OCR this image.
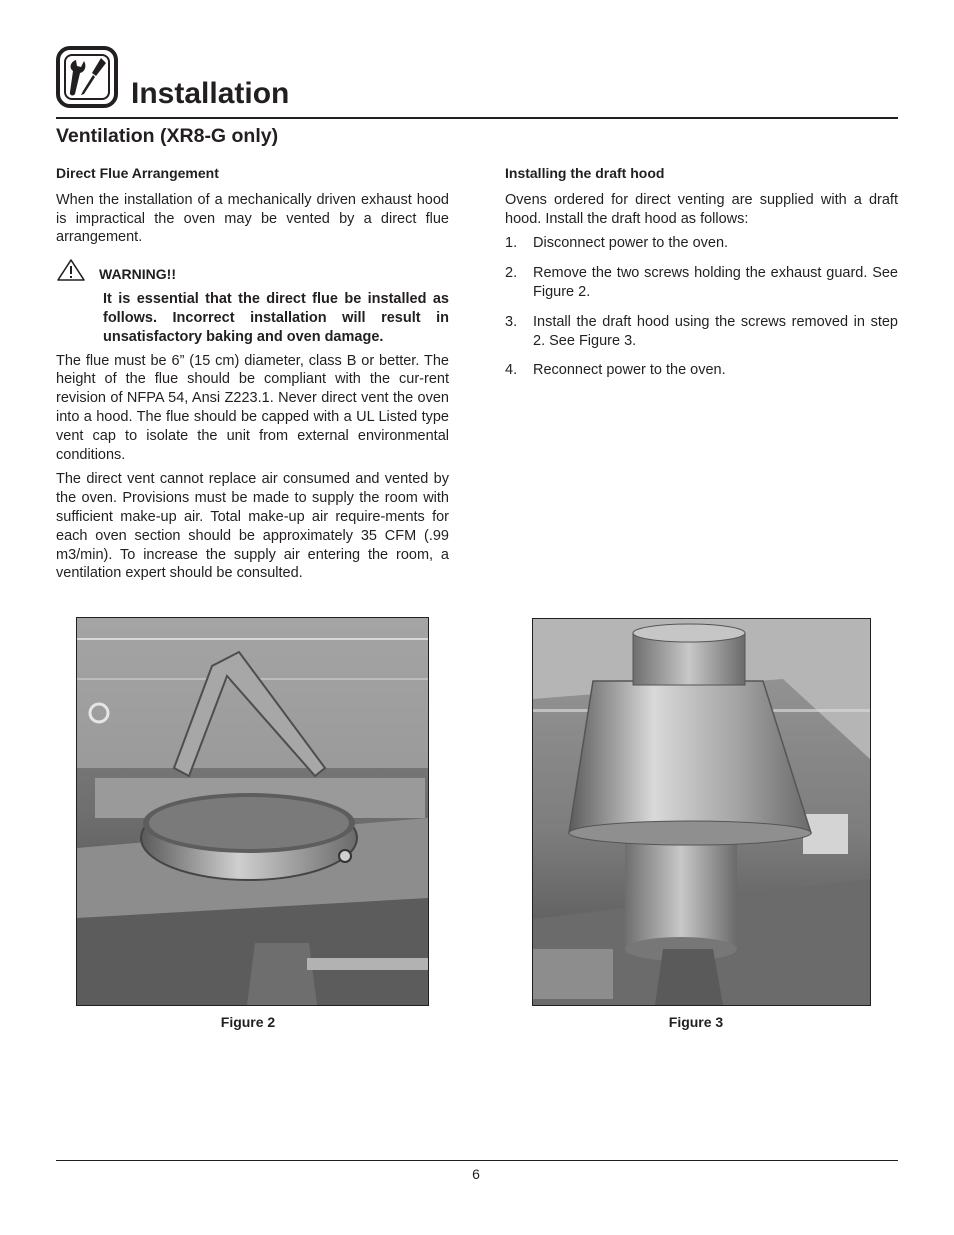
Installation
Ventilation (XR8-G only)

Direct Flue Arrangement

When the installation of a mechanically driven exhaust hood is impractical the oven may be vented by a direct flue arrangement.

WARNING!!

It is essential that the direct flue be installed as follows. Incorrect installation will result in unsatisfactory baking and oven damage.

The flue must be 6” (15 cm) diameter, class B or better. The height of the flue should be compliant with the cur-rent revision of NFPA 54, Ansi Z223.1. Never direct vent the oven into a hood. The flue should be capped with a UL Listed type vent cap to isolate the unit from external environmental conditions.

The direct vent cannot replace air consumed and vented by the oven. Provisions must be made to supply the room with sufficient make-up air. Total make-up air require-ments for each oven section should be approximately 35 CFM (.99 m3/min). To increase the supply air entering the room, a ventilation expert should be consulted.

Installing the draft hood

Ovens ordered for direct venting are supplied with a draft hood. Install the draft hood as follows:

1.	Disconnect power to the oven.
2.	Remove the two screws holding the exhaust guard. See Figure 2.
3.	Install the draft hood using the screws removed in step 2. See Figure 3.
4.	Reconnect power to the oven.
Figure 2	Figure 3
6
